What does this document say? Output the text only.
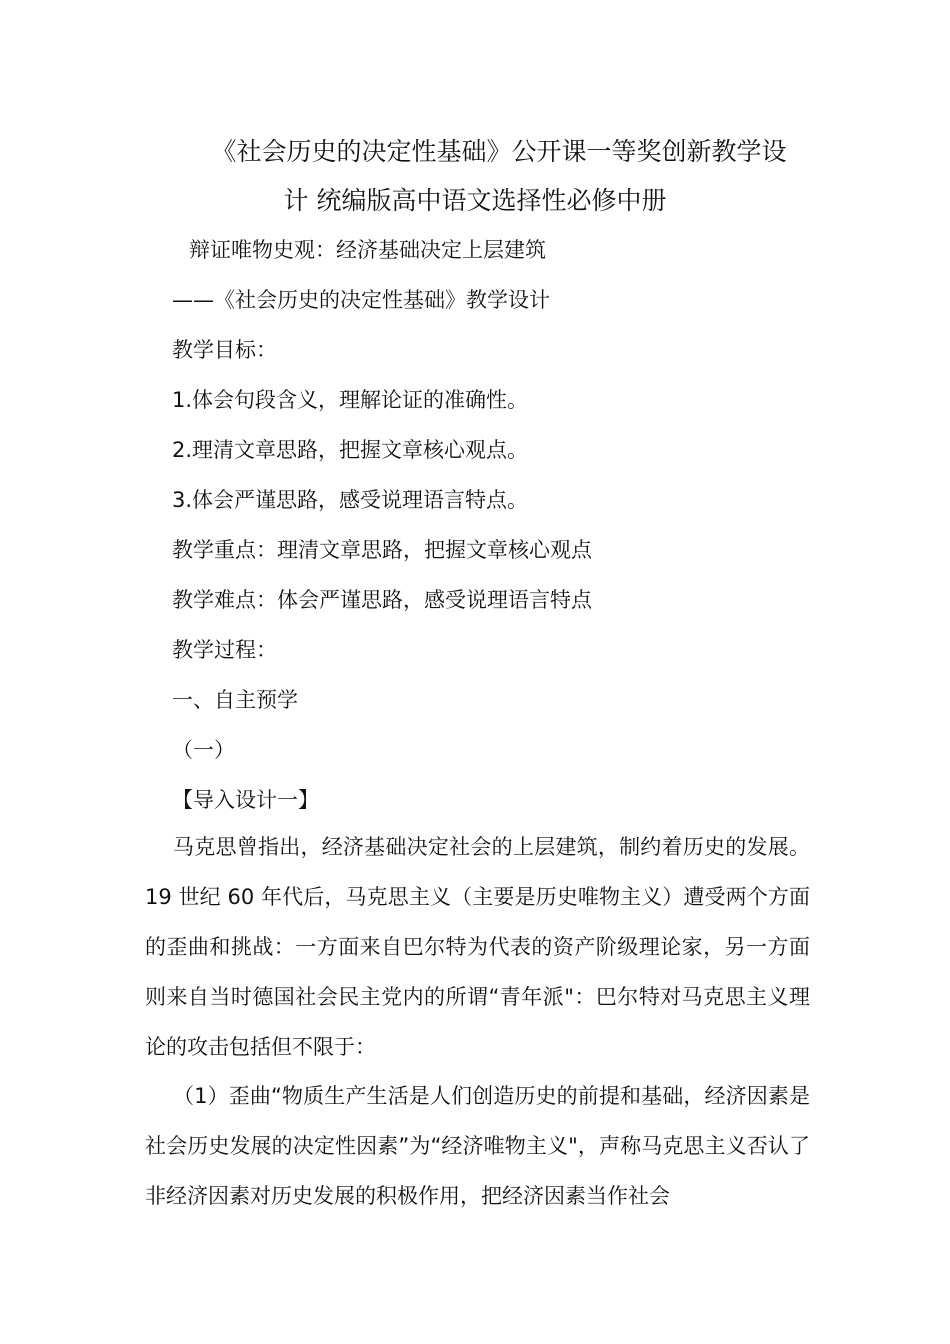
《社会历史的决定性基础》公开课一等奖创新教学设
计 统编版高中语文选择性必修中册
辩证唯物史观：经济基础决定上层建筑
——《社会历史的决定性基础》教学设计
教学目标：
1.体会句段含义，理解论证的准确性。
2.理清文章思路，把握文章核心观点。
3.体会严谨思路，感受说理语言特点。
教学重点：理清文章思路，把握文章核心观点
教学难点：体会严谨思路，感受说理语言特点
教学过程：
一、自主预学
（一）
【导入设计一】
马克思曾指出，经济基础决定社会的上层建筑，制约着历史的发展。19 世纪 60 年代后，马克思主义（主要是历史唯物主义）遭受两个方面的歪曲和挑战：一方面来自巴尔特为代表的资产阶级理论家，另一方面则来自当时德国社会民主党内的所谓“青年派"：巴尔特对马克思主义理论的攻击包括但不限于：
（1）歪曲“物质生产生活是人们创造历史的前提和基础，经济因素是社会历史发展的决定性因素”为“经济唯物主义"，声称马克思主义否认了非经济因素对历史发展的积极作用，把经济因素当作社会
